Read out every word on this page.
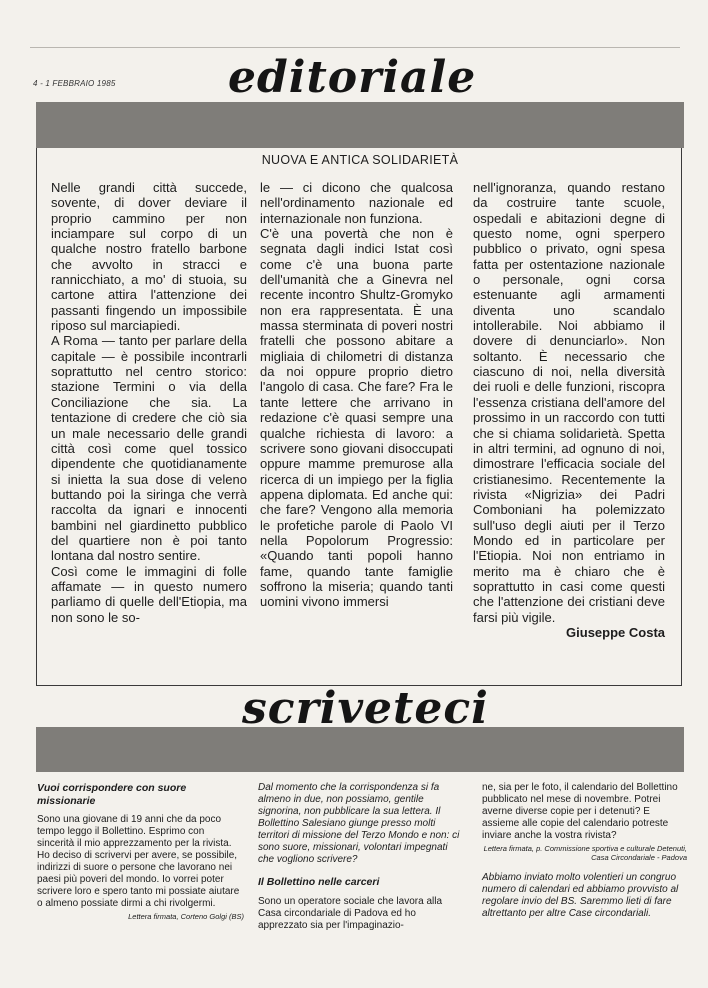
4 - 1 FEBBRAIO 1985	editoriale
NUOVA E ANTICA SOLIDARIETÀ

Nelle grandi città succede, sovente, di dover deviare il proprio cammino per non inciampare sul corpo di un qualche nostro fratello barbone che avvolto in stracci e rannicchiato, a mo' di stuoia, su cartone attira l'attenzione dei passanti fingendo un impossibile riposo sul marciapiedi.

A Roma — tanto per parlare della capitale — è possibile incontrarli soprattutto nel centro storico: stazione Termini o via della Conciliazione che sia. La tentazione di credere che ciò sia un male necessario delle grandi città così come quel tossico dipendente che quotidianamente si inietta la sua dose di veleno buttando poi la siringa che verrà raccolta da ignari e innocenti bambini nel giardinetto pubblico del quartiere non è poi tanto lontana dal nostro sentire.

Così come le immagini di folle affamate — in questo numero parliamo di quelle dell'Etiopia, ma non sono le so-

le — ci dicono che qualcosa nell'ordinamento nazionale ed internazionale non funziona.

C'è una povertà che non è segnata dagli indici Istat così come c'è una buona parte dell'umanità che a Ginevra nel recente incontro Shultz-Gromyko non era rappresentata. È una massa sterminata di poveri nostri fratelli che possono abitare a migliaia di chilometri di distanza da noi oppure proprio dietro l'angolo di casa. Che fare? Fra le tante lettere che arrivano in redazione c'è quasi sempre una qualche richiesta di lavoro: a scrivere sono giovani disoccupati oppure mamme premurose alla ricerca di un impiego per la figlia appena diplomata. Ed anche qui: che fare? Vengono alla memoria le profetiche parole di Paolo VI nella Popolorum Progressio: «Quando tanti popoli hanno fame, quando tante famiglie soffrono la miseria; quando tanti uomini vivono immersi

nell'ignoranza, quando restano da costruire tante scuole, ospedali e abitazioni degne di questo nome, ogni sperpero pubblico o privato, ogni spesa fatta per ostentazione nazionale o personale, ogni corsa estenuante agli armamenti diventa uno scandalo intollerabile. Noi abbiamo il dovere di denunciarlo». Non soltanto. È necessario che ciascuno di noi, nella diversità dei ruoli e delle funzioni, riscopra l'essenza cristiana dell'amore del prossimo in un raccordo con tutti che si chiama solidarietà. Spetta in altri termini, ad ognuno di noi, dimostrare l'efficacia sociale del cristianesimo. Recentemente la rivista «Nigrizia» dei Padri Comboniani ha polemizzato sull'uso degli aiuti per il Terzo Mondo ed in particolare per l'Etiopia. Noi non entriamo in merito ma è chiaro che è soprattutto in casi come questi che l'attenzione dei cristiani deve farsi più vigile.

Giuseppe Costa

scriveteci

Vuoi corrispondere con suore missionarie

Sono una giovane di 19 anni che da poco tempo leggo il Bollettino. Esprimo con sincerità il mio apprezzamento per la rivista. Ho deciso di scrivervi per avere, se possibile, indirizzi di suore o persone che lavorano nei paesi più poveri del mondo. Io vorrei poter scrivere loro e spero tanto mi possiate aiutare o almeno possiate dirmi a chi rivolgermi.

Lettera firmata, Corteno Golgi (BS)

Dal momento che la corrispondenza si fa almeno in due, non possiamo, gentile signorina, non pubblicare la sua lettera. Il Bollettino Salesiano giunge presso molti territori di missione del Terzo Mondo e non: ci sono suore, missionari, volontari impegnati che vogliono scrivere?

Il Bollettino nelle carceri

Sono un operatore sociale che lavora alla Casa circondariale di Padova ed ho apprezzato sia per l'impaginazio-

ne, sia per le foto, il calendario del Bollettino pubblicato nel mese di novembre. Potrei averne diverse copie per i detenuti? E assieme alle copie del calendario potreste inviare anche la vostra rivista?

Lettera firmata, p. Commissione sportiva e culturale Detenuti, Casa Circondariale - Padova

Abbiamo inviato molto volentieri un congruo numero di calendari ed abbiamo provvisto al regolare invio del BS. Saremmo lieti di fare altrettanto per altre Case circondariali.
